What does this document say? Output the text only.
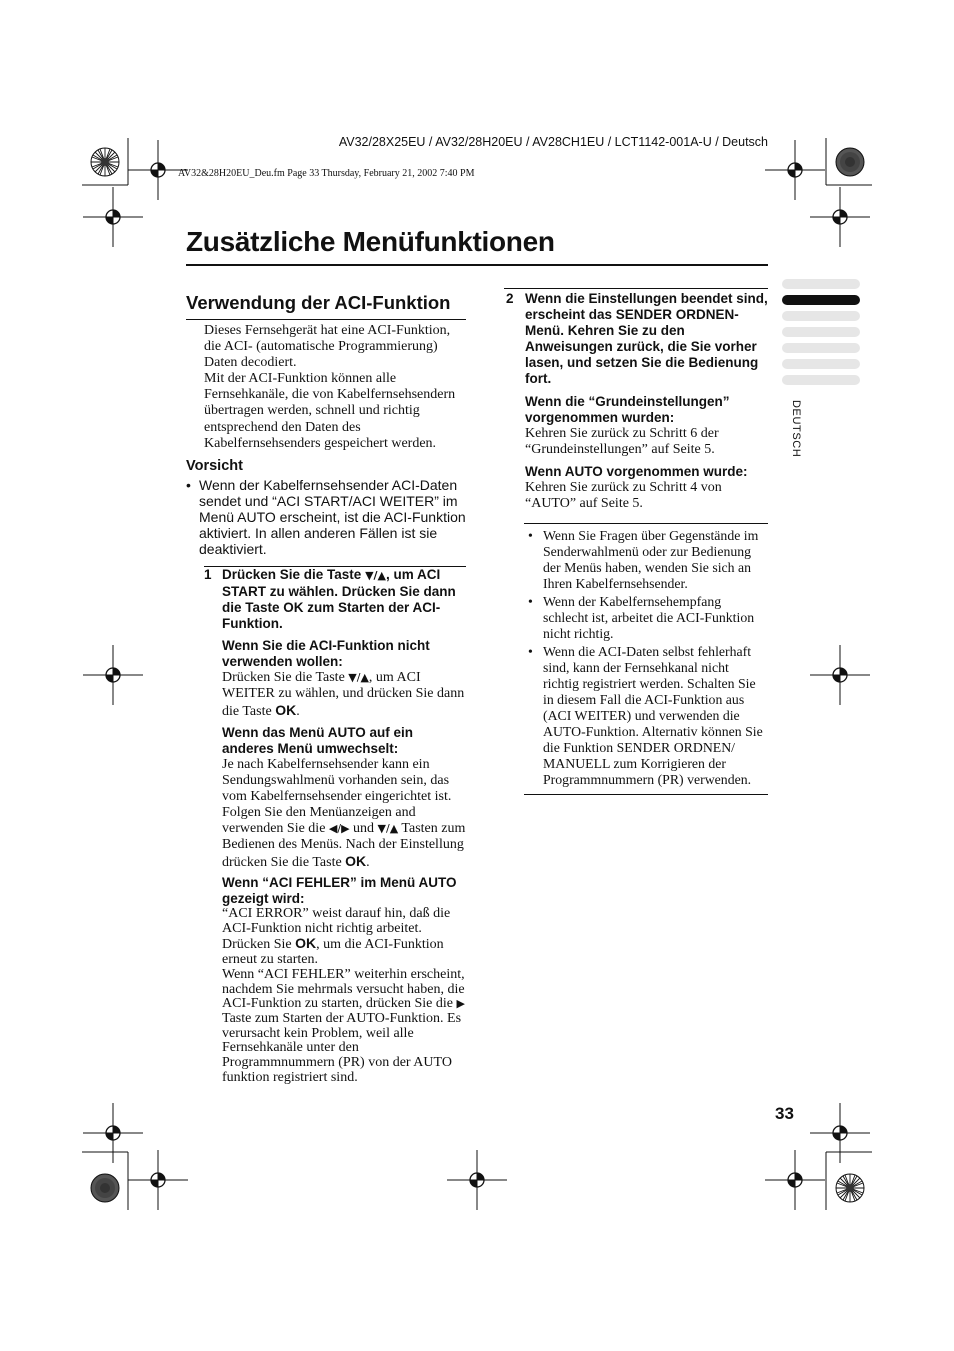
AV32/28X25EU / AV32/28H20EU / AV28CH1EU / LCT1142-001A-U / Deutsch
AV32&28H20EU_Deu.fm Page 33 Thursday, February 21, 2002 7:40 PM
Zusätzliche Menüfunktionen
Verwendung der ACI-Funktion

Dieses Fernsehgerät hat eine ACI-Funktion, die ACI- (automatische Programmierung) Daten decodiert.

Mit der ACI-Funktion können alle Fernsehkanäle, die von Kabelfernsehsendern übertragen werden, schnell und richtig entsprechend den Daten des Kabelfernsehsenders gespeichert werden.

Vorsicht
• Wenn der Kabelfernsehsender ACI-Daten sendet und “ACI START/ACI WEITER” im Menü AUTO erscheint, ist die ACI-Funktion aktiviert. In allen anderen Fällen ist sie deaktiviert.
1 Drücken Sie die Taste ▼/▲, um ACI START zu wählen. Drücken Sie dann die Taste OK zum Starten der ACI-Funktion.
Wenn Sie die ACI-Funktion nicht verwenden wollen:
Drücken Sie die Taste ▼/▲, um ACI WEITER zu wählen, und drücken Sie dann die Taste OK.
Wenn das Menü AUTO auf ein anderes Menü umwechselt:
Je nach Kabelfernsehsender kann ein Sendungswahlmenü vorhanden sein, das vom Kabelfernsehsender eingerichtet ist. Folgen Sie den Menüanzeigen and verwenden Sie die ◀/▶ und ▼/▲ Tasten zum Bedienen des Menüs. Nach der Einstellung drücken Sie die Taste OK.
Wenn “ACI FEHLER” im Menü AUTO gezeigt wird:
“ACI ERROR” weist darauf hin, daß die ACI-Funktion nicht richtig arbeitet. Drücken Sie OK, um die ACI-Funktion erneut zu starten.
Wenn “ACI FEHLER” weiterhin erscheint, nachdem Sie mehrmals versucht haben, die ACI-Funktion zu starten, drücken Sie die ▶ Taste zum Starten der AUTO-Funktion. Es verursacht kein Problem, weil alle Fernsehkanäle unter den Programmnummern (PR) von der AUTO funktion registriert sind.
2 Wenn die Einstellungen beendet sind, erscheint das SENDER ORDNEN-Menü. Kehren Sie zu den Anweisungen zurück, die Sie vorher lasen, und setzen Sie die Bedienung fort.
Wenn die “Grundeinstellungen” vorgenommen wurden:
Kehren Sie zurück zu Schritt 6 der “Grundeinstellungen” auf Seite 5.
Wenn AUTO vorgenommen wurde:
Kehren Sie zurück zu Schritt 4 von “AUTO” auf Seite 5.
• Wenn Sie Fragen über Gegenstände im Senderwahlmenü oder zur Bedienung der Menüs haben, wenden Sie sich an Ihren Kabelfernsehsender.
• Wenn der Kabelfernsehempfang schlecht ist, arbeitet die ACI-Funktion nicht richtig.
• Wenn die ACI-Daten selbst fehlerhaft sind, kann der Fernsehkanal nicht richtig registriert werden. Schalten Sie in diesem Fall die ACI-Funktion aus (ACI WEITER) und verwenden die AUTO-Funktion. Alternativ können Sie die Funktion SENDER ORDNEN/ MANUELL zum Korrigieren der Programmnummern (PR) verwenden.
DEUTSCH
33
